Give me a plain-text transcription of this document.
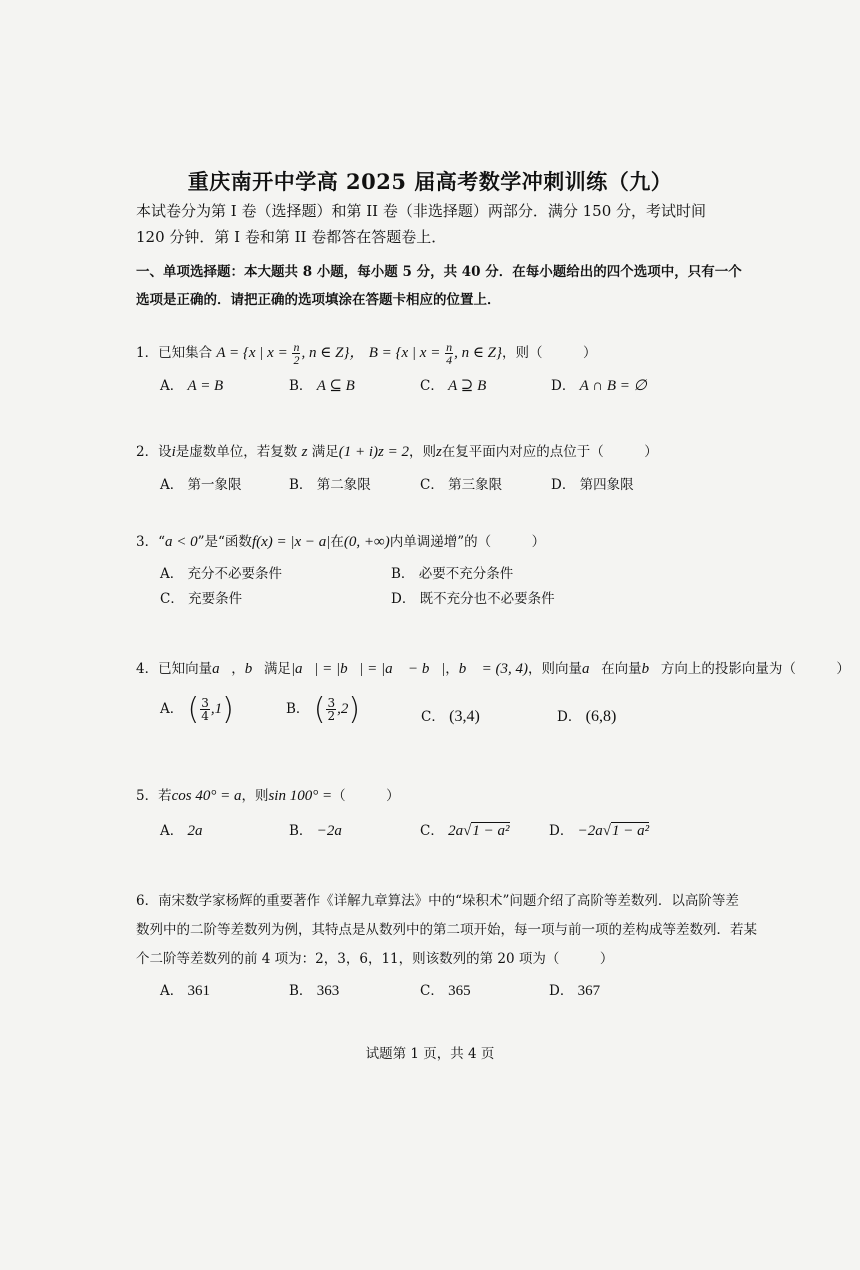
重庆南开中学高 2025 届高考数学冲刺训练（九）
本试卷分为第 I 卷（选择题）和第 II 卷（非选择题）两部分．满分 150 分，考试时间 120 分钟．第 I 卷和第 II 卷都答在答题卷上．
一、单项选择题：本大题共 8 小题，每小题 5 分，共 40 分．在每小题给出的四个选项中，只有一个选项是正确的．请把正确的选项填涂在答题卡相应的位置上．
1．已知集合 A = {x | $x = \frac{n}{2}$ , n ∈ Z}， B = {x | $x = \frac{n}{4}$ , n ∈ Z}，则（　　　）
A． A = B	B． A ⊆ B	C． A ⊇ B	D． A ∩ B = ∅
2．设i是虚数单位，若复数 z 满足(1 + i)z = 2，则z在复平面内对应的点位于（　　　）
A． 第一象限	B． 第二象限	C． 第三象限	D． 第四象限
3．“a < 0”是“函数f(x) = |x − a|在(0, +∞)内单调递增”的（　　　）
A． 充分不必要条件	B． 必要不充分条件
C． 充要条件	D． 既不充分也不必要条件
4．已知向量a⃗，b⃗满足|a⃗| = |b⃗| = |a⃗ − b⃗|，b⃗ = (3, 4)，则向量a⃗在向量b⃗方向上的投影向量为（　　　）
A． ( $\frac{3}{4} ,1$)	B． ( $\frac{3}{2} ,2$)	C． (3,4)	D． (6,8)
5．若cos 40° = a，则sin 100° =（　　　）
A． 2a	B． −2a	C． 2a√1 − a²	D． −2a√1 − a²
6．南宋数学家杨辉的重要著作《详解九章算法》中的“垛积术”问题介绍了高阶等差数列．以高阶等差
数列中的二阶等差数列为例，其特点是从数列中的第二项开始，每一项与前一项的差构成等差数列．若某
个二阶等差数列的前 4 项为：2，3，6，11，则该数列的第 20 项为（　　　）
A． 361	B． 363	C． 365	D． 367
试题第 1 页，共 4 页
